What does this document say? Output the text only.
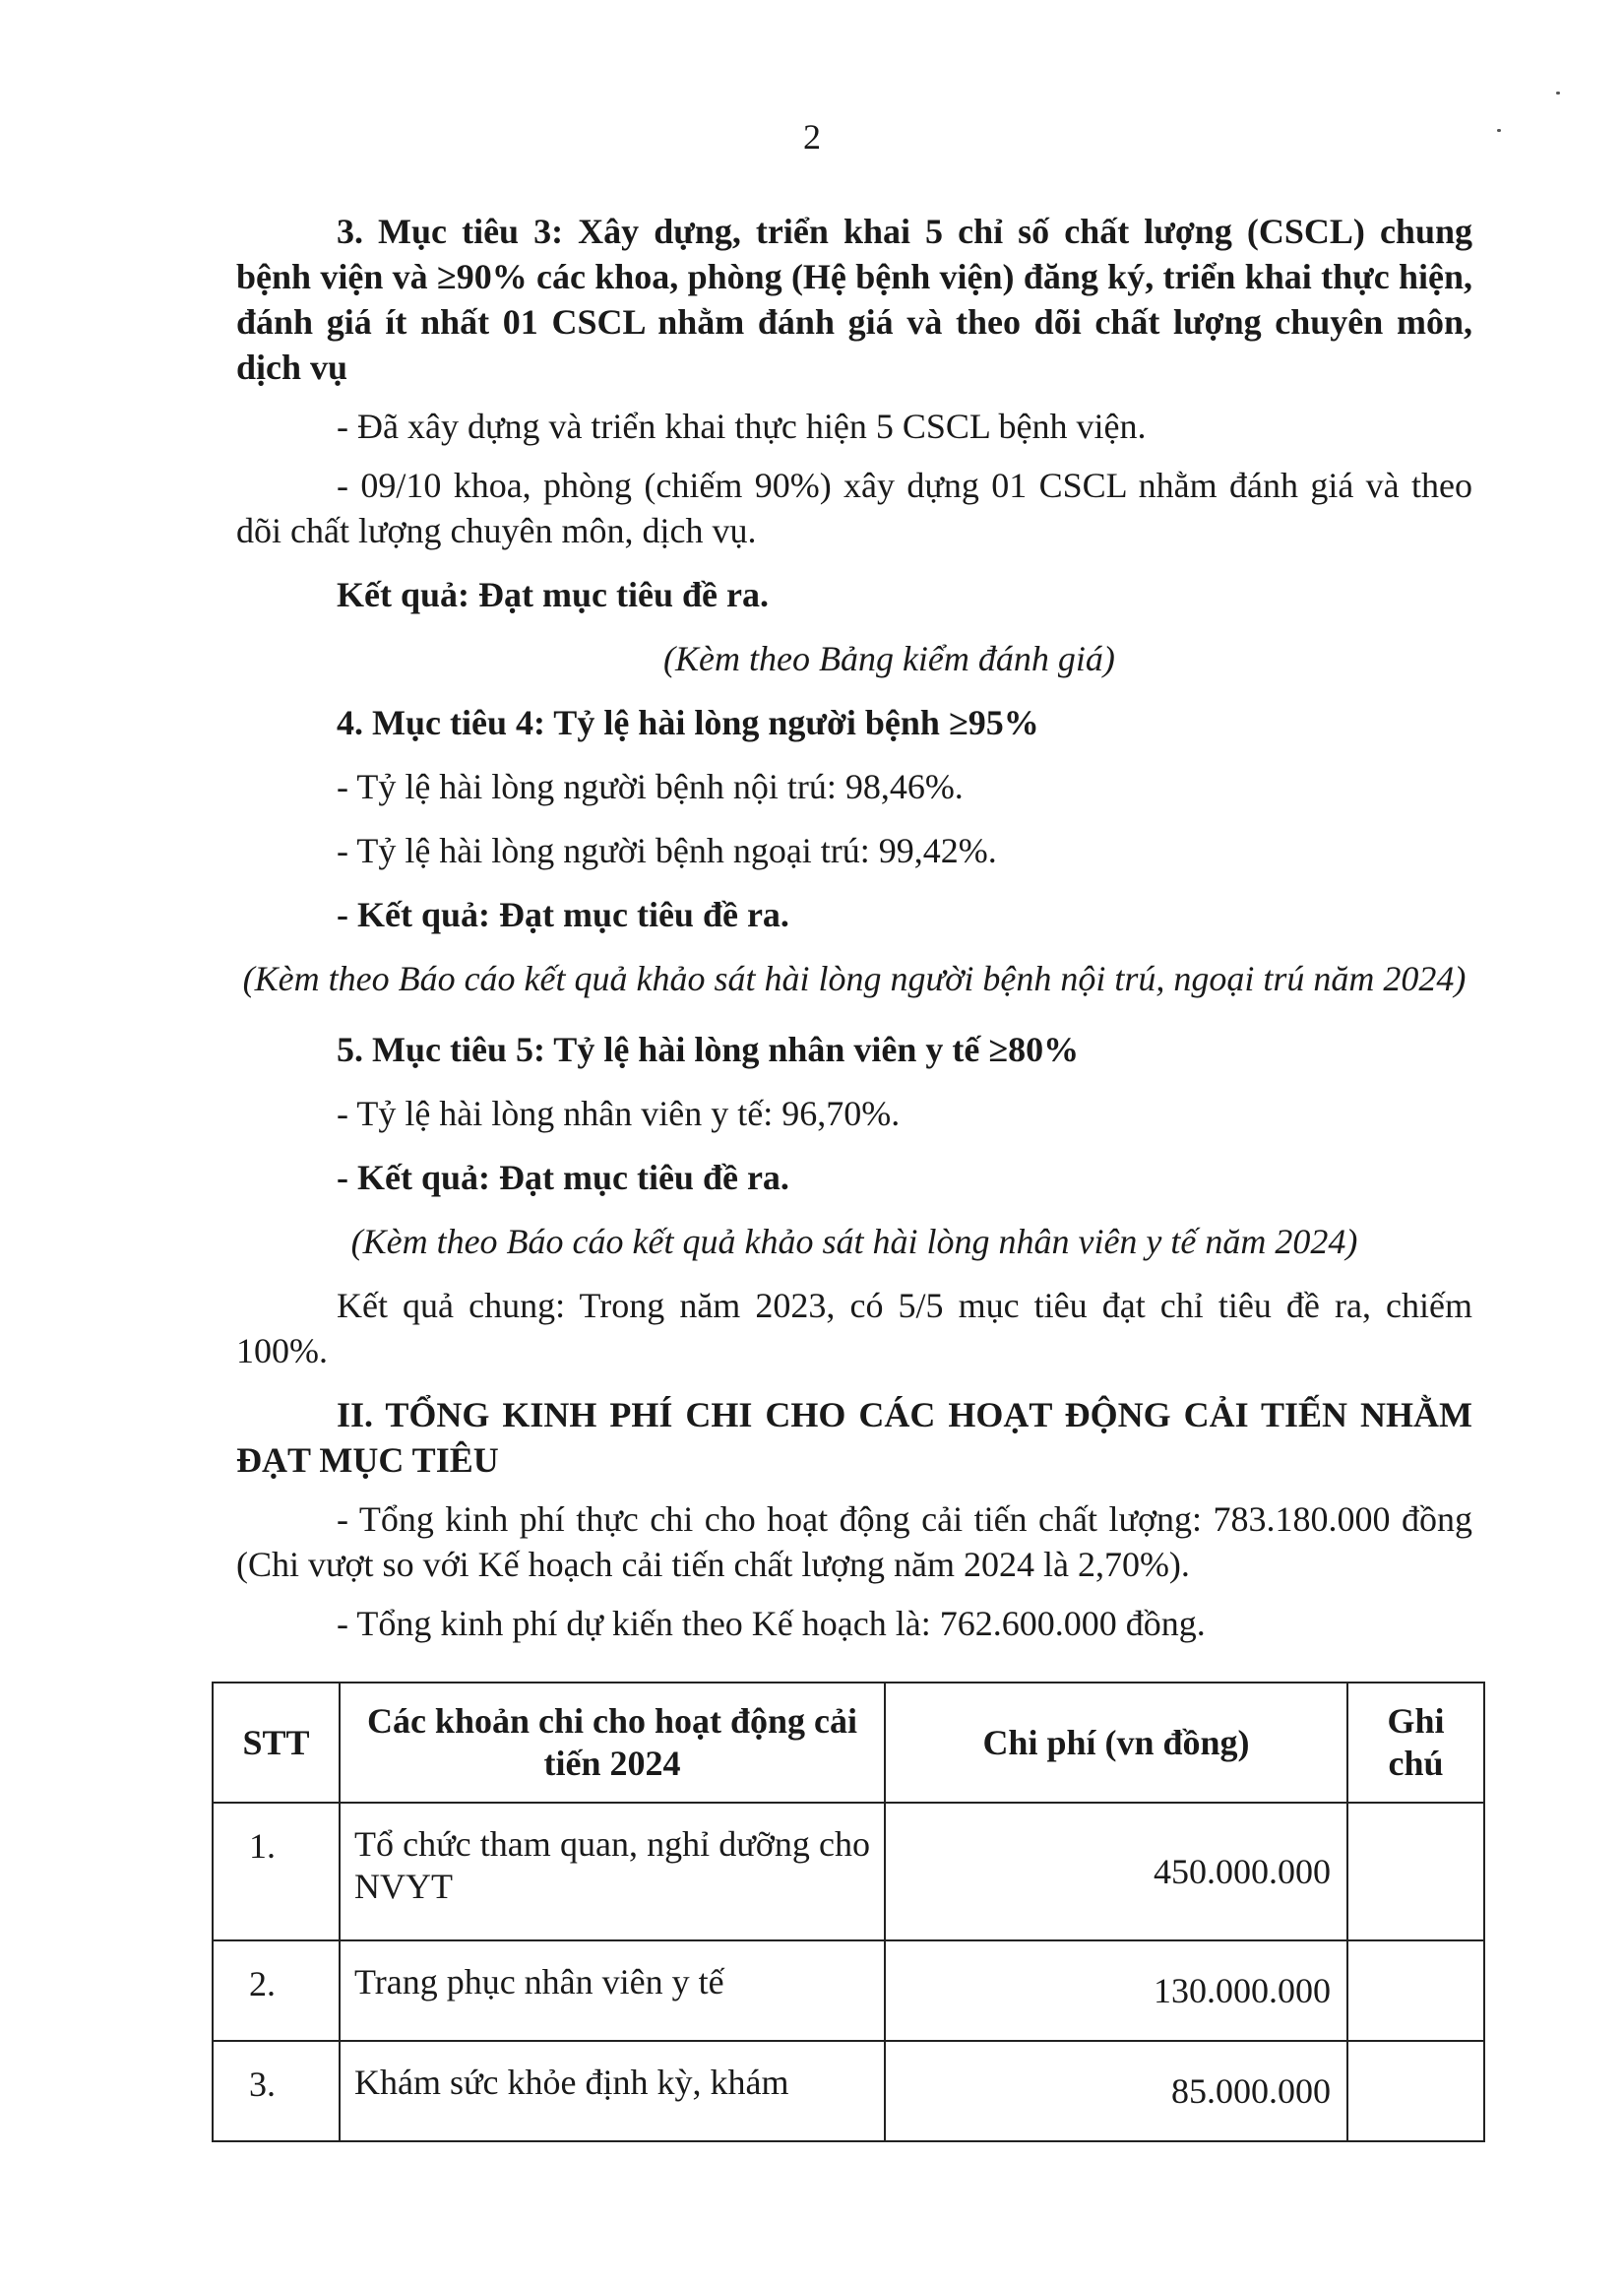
2

3. Mục tiêu 3: Xây dựng, triển khai 5 chỉ số chất lượng (CSCL) chung bệnh viện và ≥90% các khoa, phòng (Hệ bệnh viện) đăng ký, triển khai thực hiện, đánh giá ít nhất 01 CSCL nhằm đánh giá và theo dõi chất lượng chuyên môn, dịch vụ

- Đã xây dựng và triển khai thực hiện 5 CSCL bệnh viện.

- 09/10 khoa, phòng (chiếm 90%) xây dựng 01 CSCL nhằm đánh giá và theo dõi chất lượng chuyên môn, dịch vụ.

Kết quả: Đạt mục tiêu đề ra.

(Kèm theo Bảng kiểm đánh giá)

4. Mục tiêu 4: Tỷ lệ hài lòng người bệnh ≥95%

- Tỷ lệ hài lòng người bệnh nội trú: 98,46%.

- Tỷ lệ hài lòng người bệnh ngoại trú: 99,42%.

- Kết quả: Đạt mục tiêu đề ra.

(Kèm theo Báo cáo kết quả khảo sát hài lòng người bệnh nội trú, ngoại trú năm 2024)

5. Mục tiêu 5: Tỷ lệ hài lòng nhân viên y tế ≥80%

- Tỷ lệ hài lòng nhân viên y tế: 96,70%.

- Kết quả: Đạt mục tiêu đề ra.

(Kèm theo Báo cáo kết quả khảo sát hài lòng nhân viên y tế năm 2024)

Kết quả chung: Trong năm 2023, có 5/5 mục tiêu đạt chỉ tiêu đề ra, chiếm 100%.

II. TỔNG KINH PHÍ CHI CHO CÁC HOẠT ĐỘNG CẢI TIẾN NHẰM ĐẠT MỤC TIÊU

- Tổng kinh phí thực chi cho hoạt động cải tiến chất lượng: 783.180.000 đồng (Chi vượt so với Kế hoạch cải tiến chất lượng năm 2024 là 2,70%).

- Tổng kinh phí dự kiến theo Kế hoạch là: 762.600.000 đồng.

STT	Các khoản chi cho hoạt động cải tiến 2024	Chi phí (vn đồng)	Ghi chú
1.	Tổ chức tham quan, nghỉ dưỡng cho NVYT	450.000.000	
2.	Trang phục nhân viên y tế	130.000.000	
3.	Khám sức khỏe định kỳ, khám	85.000.000	
